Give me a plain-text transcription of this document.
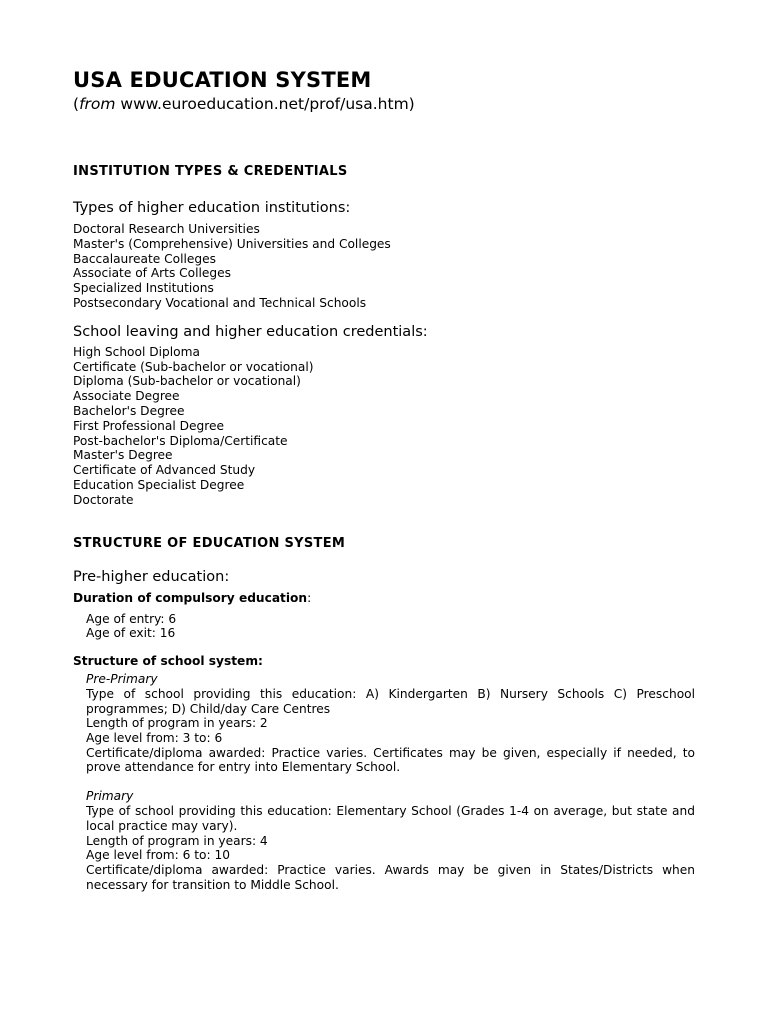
USA EDUCATION SYSTEM

(from www.euroeducation.net/prof/usa.htm)

INSTITUTION TYPES & CREDENTIALS
Types of higher education institutions:
Doctoral Research Universities
Master's (Comprehensive) Universities and Colleges
Baccalaureate Colleges
Associate of Arts Colleges
Specialized Institutions
Postsecondary Vocational and Technical Schools
School leaving and higher education credentials:
High School Diploma
Certificate (Sub-bachelor or vocational)
Diploma (Sub-bachelor or vocational)
Associate Degree
Bachelor's Degree
First Professional Degree
Post-bachelor's Diploma/Certificate
Master's Degree
Certificate of Advanced Study
Education Specialist Degree
Doctorate
STRUCTURE OF EDUCATION SYSTEM
Pre-higher education:

Duration of compulsory education:

Age of entry: 6

Age of exit: 16

Structure of school system:

Pre-Primary

Type of school providing this education: A) Kindergarten B) Nursery Schools C) Preschool programmes; D) Child/day Care Centres

Length of program in years: 2

Age level from: 3 to: 6

Certificate/diploma awarded: Practice varies. Certificates may be given, especially if needed, to prove attendance for entry into Elementary School.

Primary

Type of school providing this education: Elementary School (Grades 1-4 on average, but state and local practice may vary).

Length of program in years: 4

Age level from: 6 to: 10

Certificate/diploma awarded: Practice varies. Awards may be given in States/Districts when necessary for transition to Middle School.
